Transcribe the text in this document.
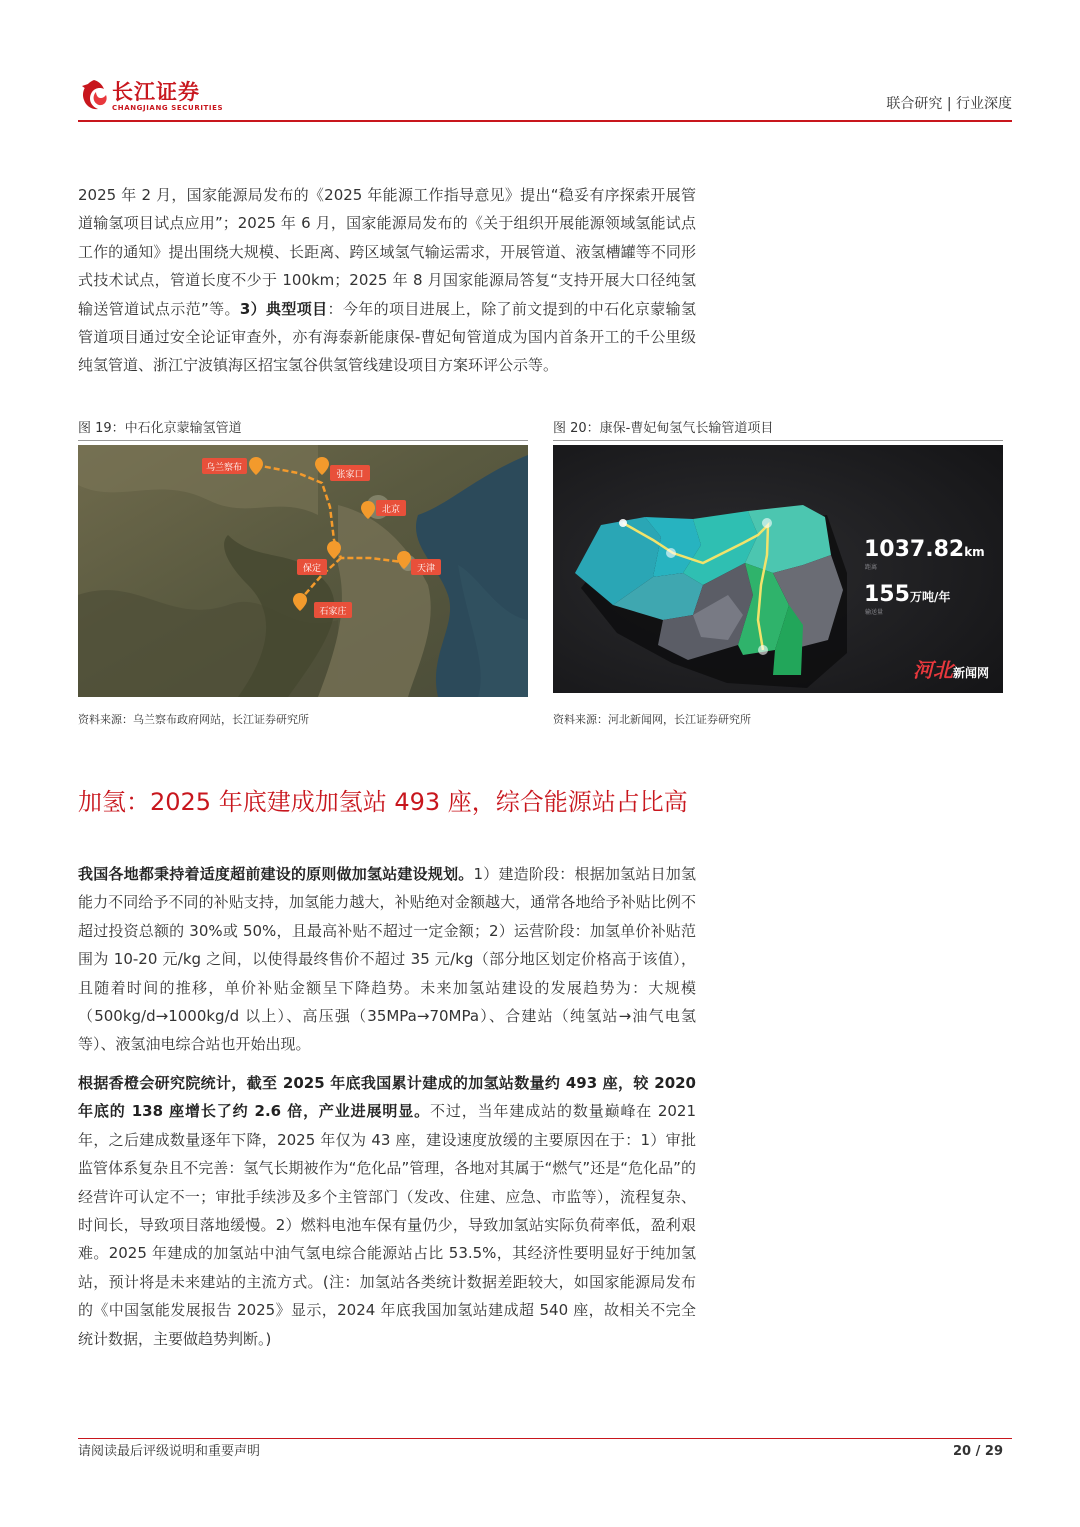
长江证券
CHANGJIANG SECURITIES	联合研究 | 行业深度

2025 年 2 月，国家能源局发布的《2025 年能源工作指导意见》提出“稳妥有序探索开展管道输氢项目试点应用”；2025 年 6 月，国家能源局发布的《关于组织开展能源领域氢能试点工作的通知》提出围绕大规模、长距离、跨区域氢气输运需求，开展管道、液氢槽罐等不同形式技术试点，管道长度不少于 100km；2025 年 8 月国家能源局答复“支持开展大口径纯氢输送管道试点示范”等。3）典型项目：今年的项目进展上，除了前文提到的中石化京蒙输氢管道项目通过安全论证审查外，亦有海泰新能康保-曹妃甸管道成为国内首条开工的千公里级纯氢管道、浙江宁波镇海区招宝氢谷供氢管线建设项目方案环评公示等。

图 19：中石化京蒙输氢管道
乌兰察布
张家口
北京
保定	天津
石家庄
资料来源：乌兰察布政府网站，长江证券研究所
图 20：康保-曹妃甸氢气长输管道项目
1037.82km
距离
155万吨/年
输送量
河北 新闻网
资料来源：河北新闻网，长江证券研究所
加氢：2025 年底建成加氢站 493 座，综合能源站占比高

我国各地都秉持着适度超前建设的原则做加氢站建设规划。1）建造阶段：根据加氢站日加氢能力不同给予不同的补贴支持，加氢能力越大，补贴绝对金额越大，通常各地给予补贴比例不超过投资总额的 30%或 50%，且最高补贴不超过一定金额；2）运营阶段：加氢单价补贴范围为 10-20 元/kg 之间，以使得最终售价不超过 35 元/kg（部分地区划定价格高于该值），且随着时间的推移，单价补贴金额呈下降趋势。未来加氢站建设的发展趋势为：大规模（500kg/d→1000kg/d 以上）、高压强（35MPa→70MPa）、合建站（纯氢站→油气电氢等）、液氢油电综合站也开始出现。

根据香橙会研究院统计，截至 2025 年底我国累计建成的加氢站数量约 493 座，较 2020 年底的 138 座增长了约 2.6 倍，产业进展明显。不过，当年建成站的数量巅峰在 2021 年，之后建成数量逐年下降，2025 年仅为 43 座，建设速度放缓的主要原因在于：1）审批监管体系复杂且不完善：氢气长期被作为“危化品”管理，各地对其属于“燃气”还是“危化品”的经营许可认定不一；审批手续涉及多个主管部门（发改、住建、应急、市监等），流程复杂、时间长，导致项目落地缓慢。2）燃料电池车保有量仍少，导致加氢站实际负荷率低，盈利艰难。2025 年建成的加氢站中油气氢电综合能源站占比 53.5%，其经济性要明显好于纯加氢站，预计将是未来建站的主流方式。(注：加氢站各类统计数据差距较大，如国家能源局发布的《中国氢能发展报告 2025》显示，2024 年底我国加氢站建成超 540 座，故相关不完全统计数据，主要做趋势判断。)

请阅读最后评级说明和重要声明	20 / 29
